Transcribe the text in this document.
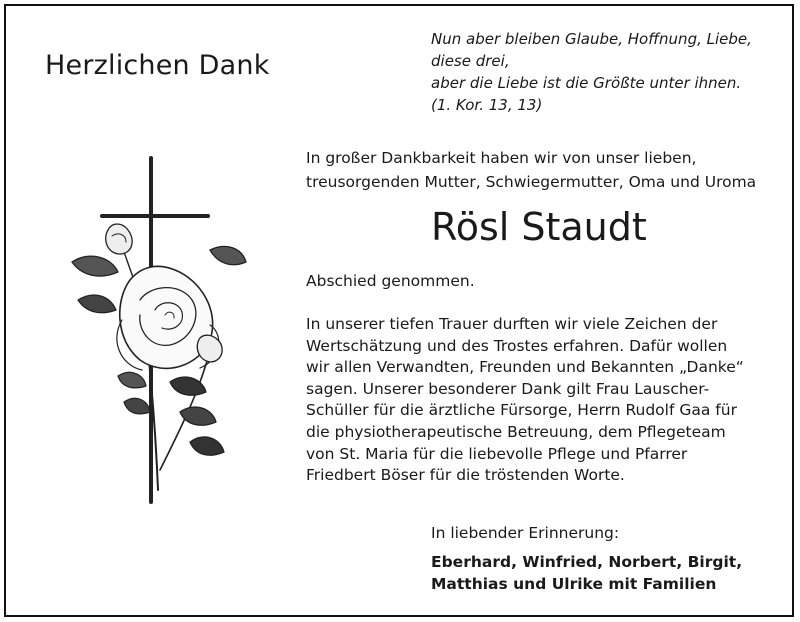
Herzlichen Dank
Nun aber bleiben Glaube, Hoffnung, Liebe,
diese drei,
aber die Liebe ist die Größte unter ihnen.
(1. Kor. 13, 13)
In großer Dankbarkeit haben wir von unser lieben,
treusorgenden Mutter, Schwiegermutter, Oma und Uroma
Rösl Staudt
Abschied genommen.
In unserer tiefen Trauer durften wir viele Zeichen der
Wertschätzung und des Trostes erfahren. Dafür wollen
wir allen Verwandten, Freunden und Bekannten „Danke“
sagen. Unserer besonderer Dank gilt Frau Lauscher-
Schüller für die ärztliche Fürsorge, Herrn Rudolf Gaa für
die physiotherapeutische Betreuung, dem Pflegeteam
von St. Maria für die liebevolle Pflege und Pfarrer
Friedbert Böser für die tröstenden Worte.
In liebender Erinnerung:
Eberhard, Winfried, Norbert, Birgit,
Matthias und Ulrike mit Familien
